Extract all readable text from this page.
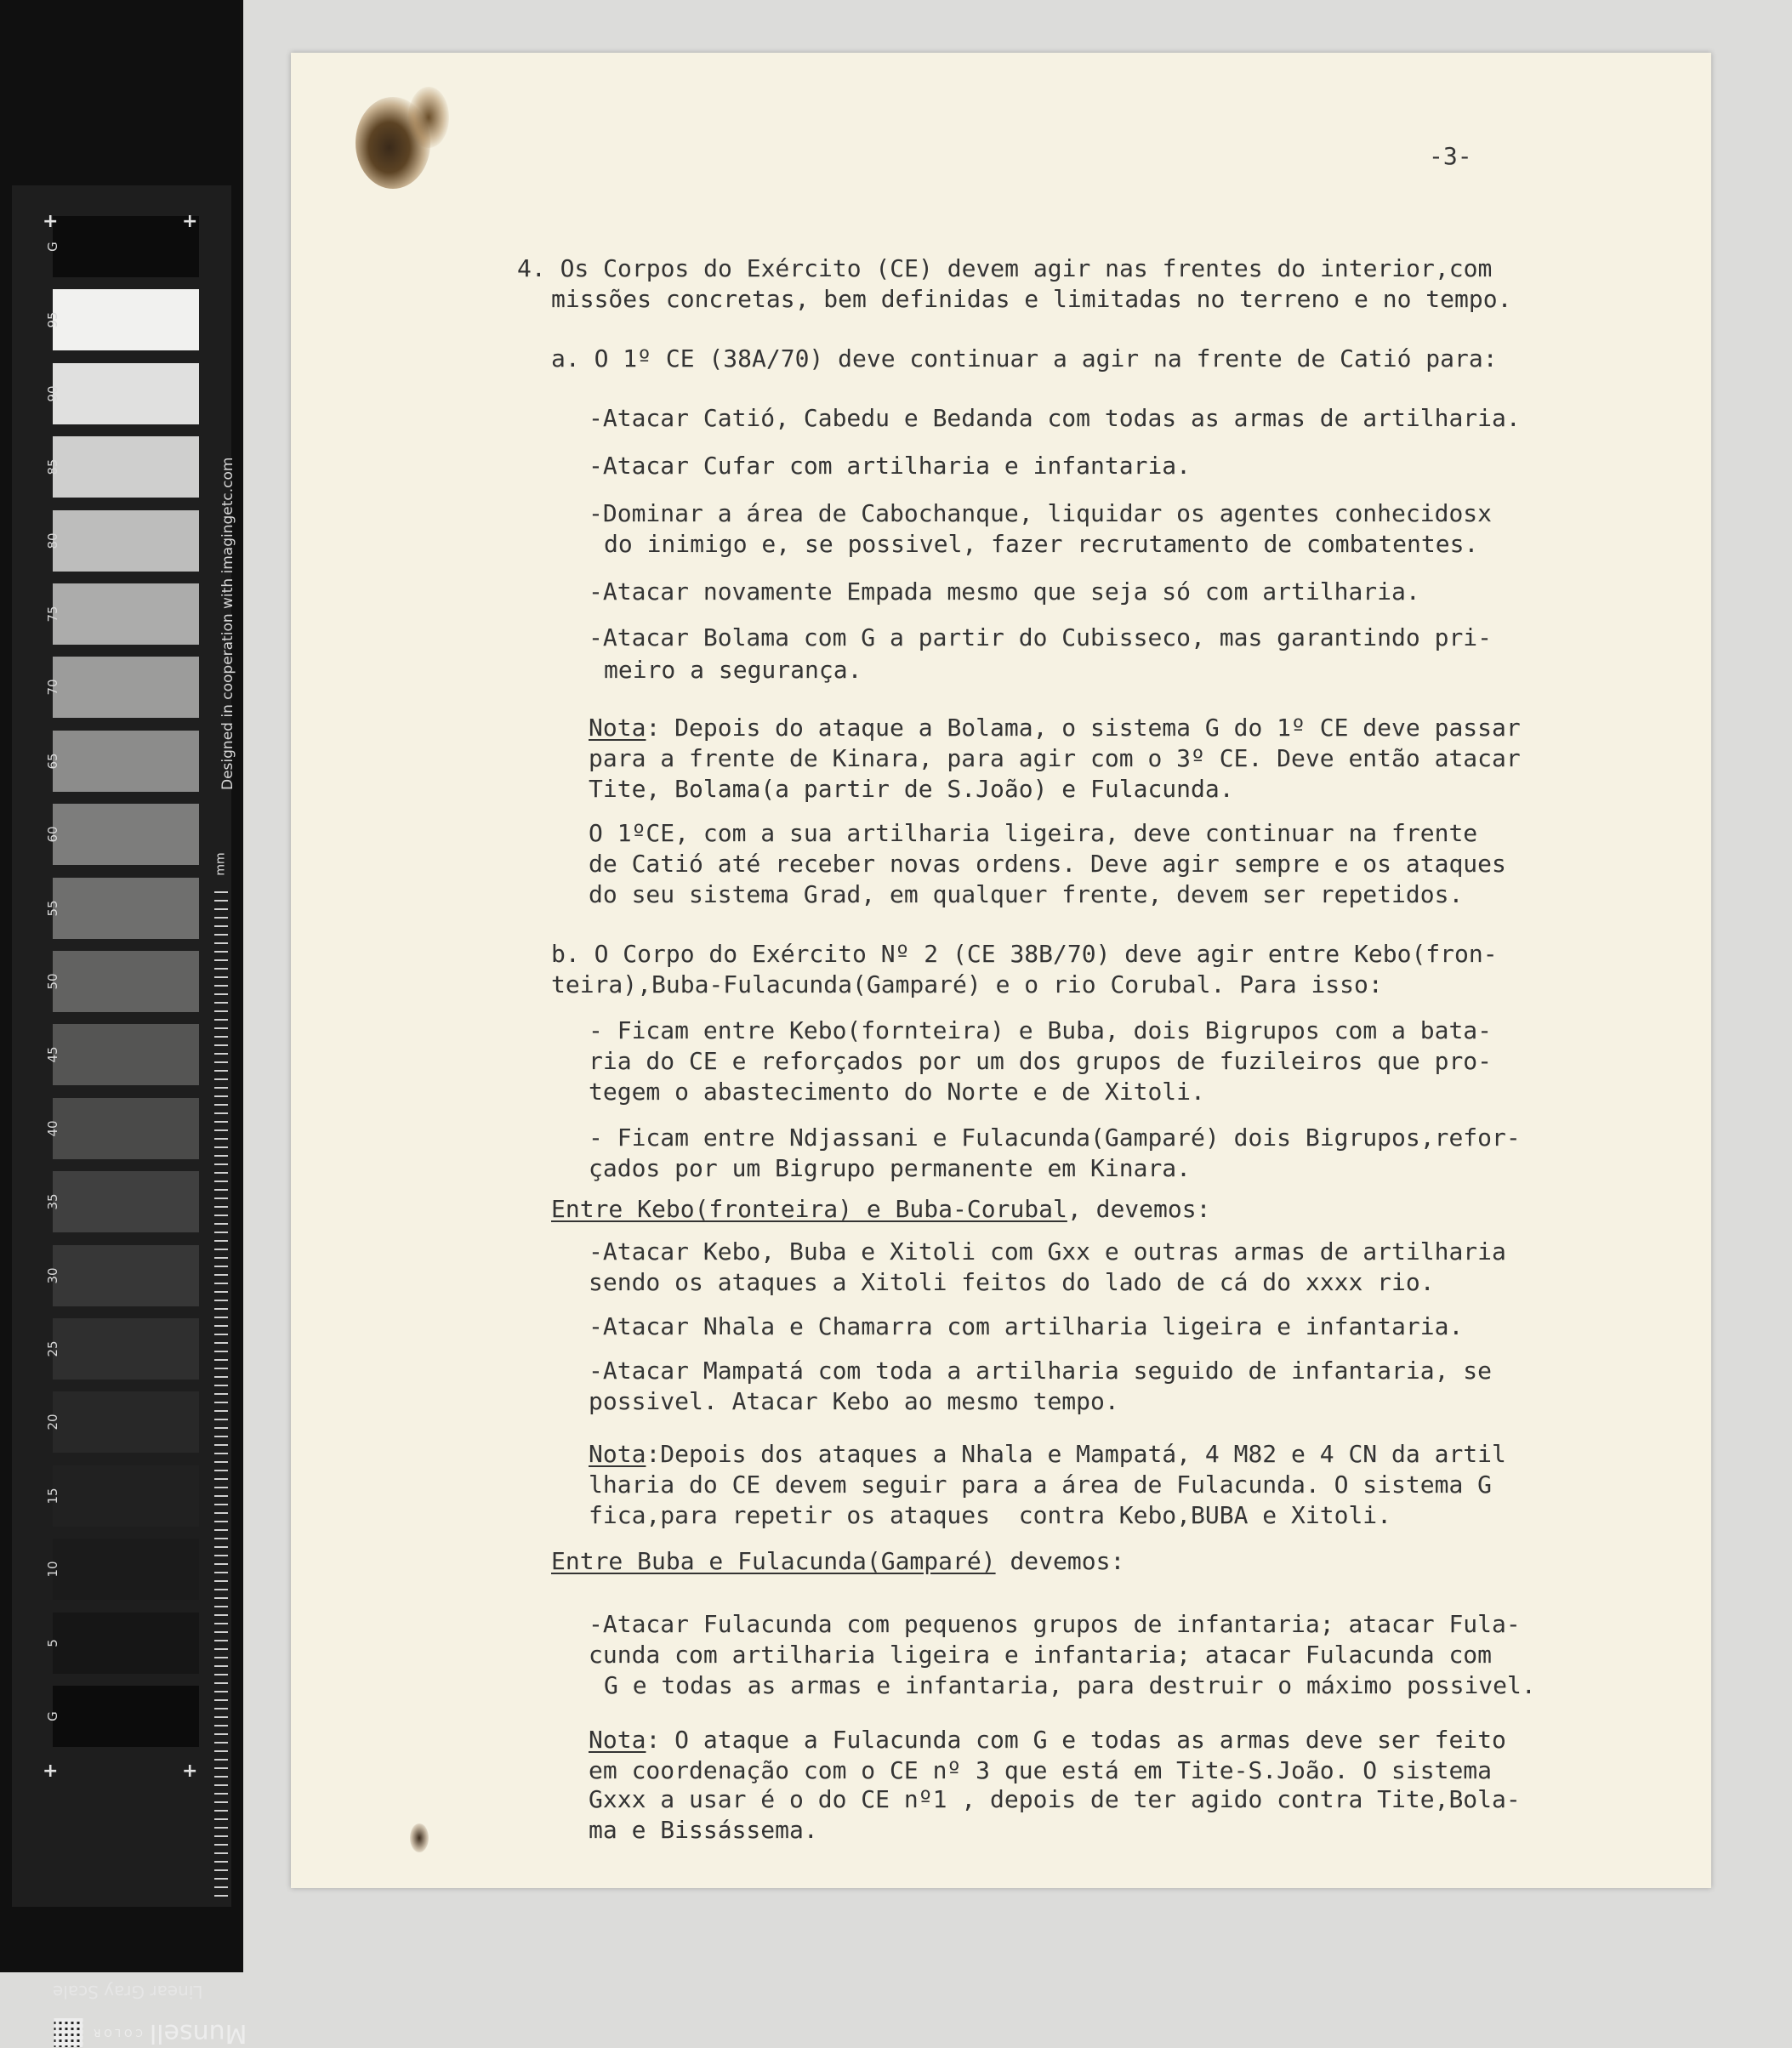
G
95
90
85
80
75
70
65
60
55
50
45
40
35
30
25
20
15
10
5
G
mm
Designed in cooperation with imagingetc.com
+	+
+	+
Linear Gray Scale
Munsell
COLOR
-3-
4. Os Corpos do Exército (CE) devem agir nas frentes do interior,com
missões concretas, bem definidas e limitadas no terreno e no tempo.
a. O 1º CE (38A/70) deve continuar a agir na frente de Catió para:
-Atacar Catió, Cabedu e Bedanda com todas as armas de artilharia.
-Atacar Cufar com artilharia e infantaria.
-Dominar a área de Cabochanque, liquidar os agentes conhecidosx
do inimigo e, se possivel, fazer recrutamento de combatentes.
-Atacar novamente Empada mesmo que seja só com artilharia.
-Atacar Bolama com G a partir do Cubisseco, mas garantindo pri-
meiro a segurança.
Nota: Depois do ataque a Bolama, o sistema G do 1º CE deve passar
para a frente de Kinara, para agir com o 3º CE. Deve então atacar
Tite, Bolama(a partir de S.João) e Fulacunda.
O 1ºCE, com a sua artilharia ligeira, deve continuar na frente
de Catió até receber novas ordens. Deve agir sempre e os ataques
do seu sistema Grad, em qualquer frente, devem ser repetidos.
b. O Corpo do Exército Nº 2 (CE 38B/70) deve agir entre Kebo(fron-
teira),Buba-Fulacunda(Gamparé) e o rio Corubal. Para isso:
- Ficam entre Kebo(fornteira) e Buba, dois Bigrupos com a bata-
ria do CE e reforçados por um dos grupos de fuzileiros que pro-
tegem o abastecimento do Norte e de Xitoli.
- Ficam entre Ndjassani e Fulacunda(Gamparé) dois Bigrupos,refor-
çados por um Bigrupo permanente em Kinara.
Entre Kebo(fronteira) e Buba-Corubal, devemos:
-Atacar Kebo, Buba e Xitoli com Gxx e outras armas de artilharia
sendo os ataques a Xitoli feitos do lado de cá do xxxx rio.
-Atacar Nhala e Chamarra com artilharia ligeira e infantaria.
-Atacar Mampatá com toda a artilharia seguido de infantaria, se
possivel. Atacar Kebo ao mesmo tempo.
Nota:Depois dos ataques a Nhala e Mampatá, 4 M82 e 4 CN da artil
lharia do CE devem seguir para a área de Fulacunda. O sistema G
fica,para repetir os ataques  contra Kebo,BUBA e Xitoli.
Entre Buba e Fulacunda(Gamparé) devemos:
-Atacar Fulacunda com pequenos grupos de infantaria; atacar Fula-
cunda com artilharia ligeira e infantaria; atacar Fulacunda com
G e todas as armas e infantaria, para destruir o máximo possivel.
Nota: O ataque a Fulacunda com G e todas as armas deve ser feito
em coordenação com o CE nº 3 que está em Tite-S.João. O sistema
Gxxx a usar é o do CE nº1 , depois de ter agido contra Tite,Bola-
ma e Bissássema.
